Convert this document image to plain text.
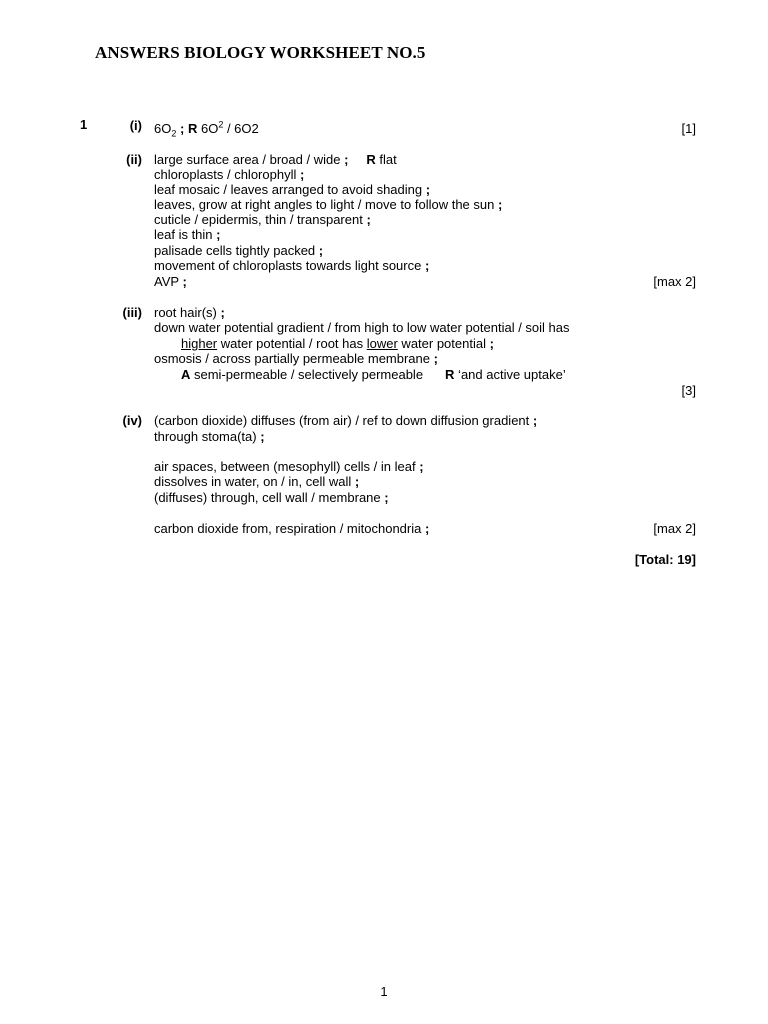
ANSWERS BIOLOGY WORKSHEET NO.5
1	(i) $6O_2$ ; R $6O^2 / 6O2$	[1]
(ii) large surface area / broad / wide ; R flat
chloroplasts / chlorophyll ;
leaf mosaic / leaves arranged to avoid shading ;
leaves, grow at right angles to light / move to follow the sun ;
cuticle / epidermis, thin / transparent ;
leaf is thin ;
palisade cells tightly packed ;
movement of chloroplasts towards light source ;
AVP ;	[max 2]
(iii) root hair(s) ;
down water potential gradient / from high to low water potential / soil has
higher water potential / root has lower water potential ;
osmosis / across partially permeable membrane ;
A semi-permeable / selectively permeable R ‘and active uptake’
[3]
(iv) (carbon dioxide) diffuses (from air) / ref to down diffusion gradient ;
through stoma(ta) ;
air spaces, between (mesophyll) cells / in leaf ;
dissolves in water, on / in, cell wall ;
(diffuses) through, cell wall / membrane ;
carbon dioxide from, respiration / mitochondria ;	[max 2]
[Total: 19]
1
